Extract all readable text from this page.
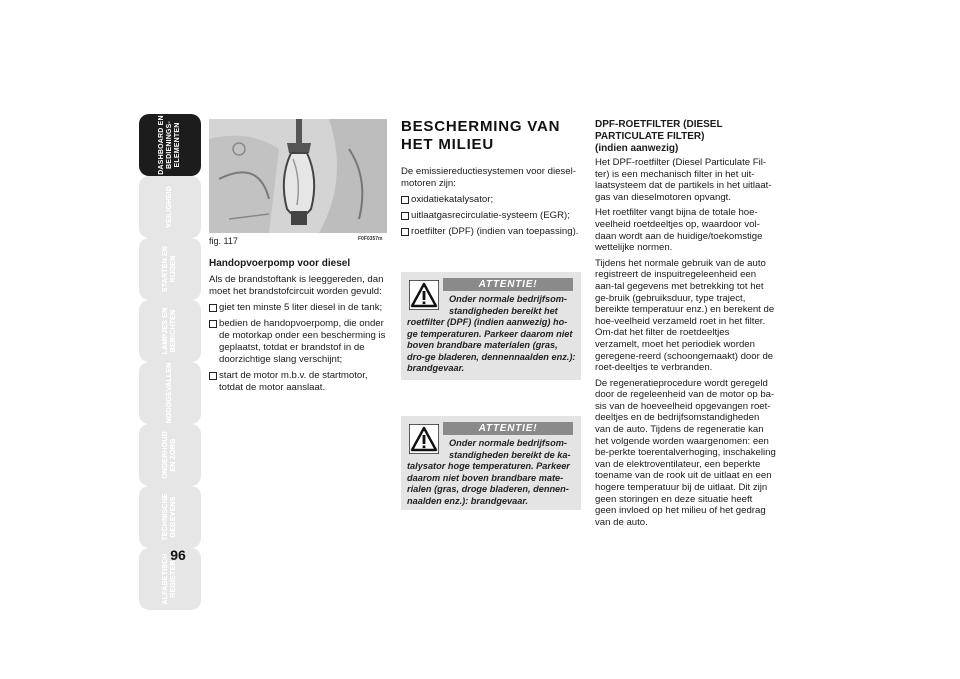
DASHBOARD EN
BEDIENINGS-
ELEMENTEN
VEILIGHEID
STARTEN EN
RIJDEN
LAMPJES EN
BERICHTEN
NOODGEVALLEN
ONDERHOUD
EN ZORG
TECHNISCHE
GEGEVENS
ALFABETISCH
REGISTER
96
fig. 117	F0F0357m
Handopvoerpomp voor diesel

Als de brandstoftank is leeggereden, dan moet het brandstofcircuit worden gevuld:

giet ten minste 5 liter diesel in de tank;
bedien de handopvoerpomp, die onder de motorkap onder een bescherming is geplaatst, totdat er brandstof in de doorzichtige slang verschijnt;
start de motor m.b.v. de startmotor, totdat de motor aanslaat.
BESCHERMING VAN
HET MILIEU

De emissiereductiesystemen voor diesel-motoren zijn:

oxidatiekatalysator;
uitlaatgasrecirculatie-systeem (EGR);
roetfilter (DPF) (indien van toepassing).
ATTENTIE!
Onder normale bedrijfsom-
standigheden bereikt het
roetfilter (DPF) (indien aanwezig) ho-ge temperaturen. Parkeer daarom niet boven brandbare materialen (gras, dro-ge bladeren, dennennaalden enz.): brandgevaar.
ATTENTIE!
Onder normale bedrijfsom-
standigheden bereikt de ka-
talysator hoge temperaturen. Parkeer daarom niet boven brandbare mate-rialen (gras, droge bladeren, dennen-naalden enz.): brandgevaar.
DPF-ROETFILTER (DIESEL
PARTICULATE FILTER)
(indien aanwezig)

Het DPF-roetfilter (Diesel Particulate Fil-ter) is een mechanisch filter in het uit-laatsysteem dat de partikels in het uitlaat-gas van dieselmotoren opvangt.

Het roetfilter vangt bijna de totale hoe-veelheid roetdeeltjes op, waardoor vol-daan wordt aan de huidige/toekomstige wettelijke normen.

Tijdens het normale gebruik van de auto registreert de inspuitregeleenheid een aan-tal gegevens met betrekking tot het ge-bruik (gebruiksduur, type traject, bereikte temperatuur enz.) en berekent de hoe-veelheid verzameld roet in het filter. Om-dat het filter de roetdeeltjes verzamelt, moet het periodiek worden geregene-reerd (schoongemaakt) door de roet-deeltjes te verbranden.

De regeneratieprocedure wordt geregeld door de regeleenheid van de motor op ba-sis van de hoeveelheid opgevangen roet-deeltjes en de bedrijfsomstandigheden van de auto. Tijdens de regeneratie kan het volgende worden waargenomen: een be-perkte toerentalverhoging, inschakeling van de elektroventilateur, een beperkte toename van de rook uit de uitlaat en een hogere temperatuur bij de uitlaat. Dit zijn geen storingen en deze situatie heeft geen invloed op het milieu of het gedrag van de auto.
